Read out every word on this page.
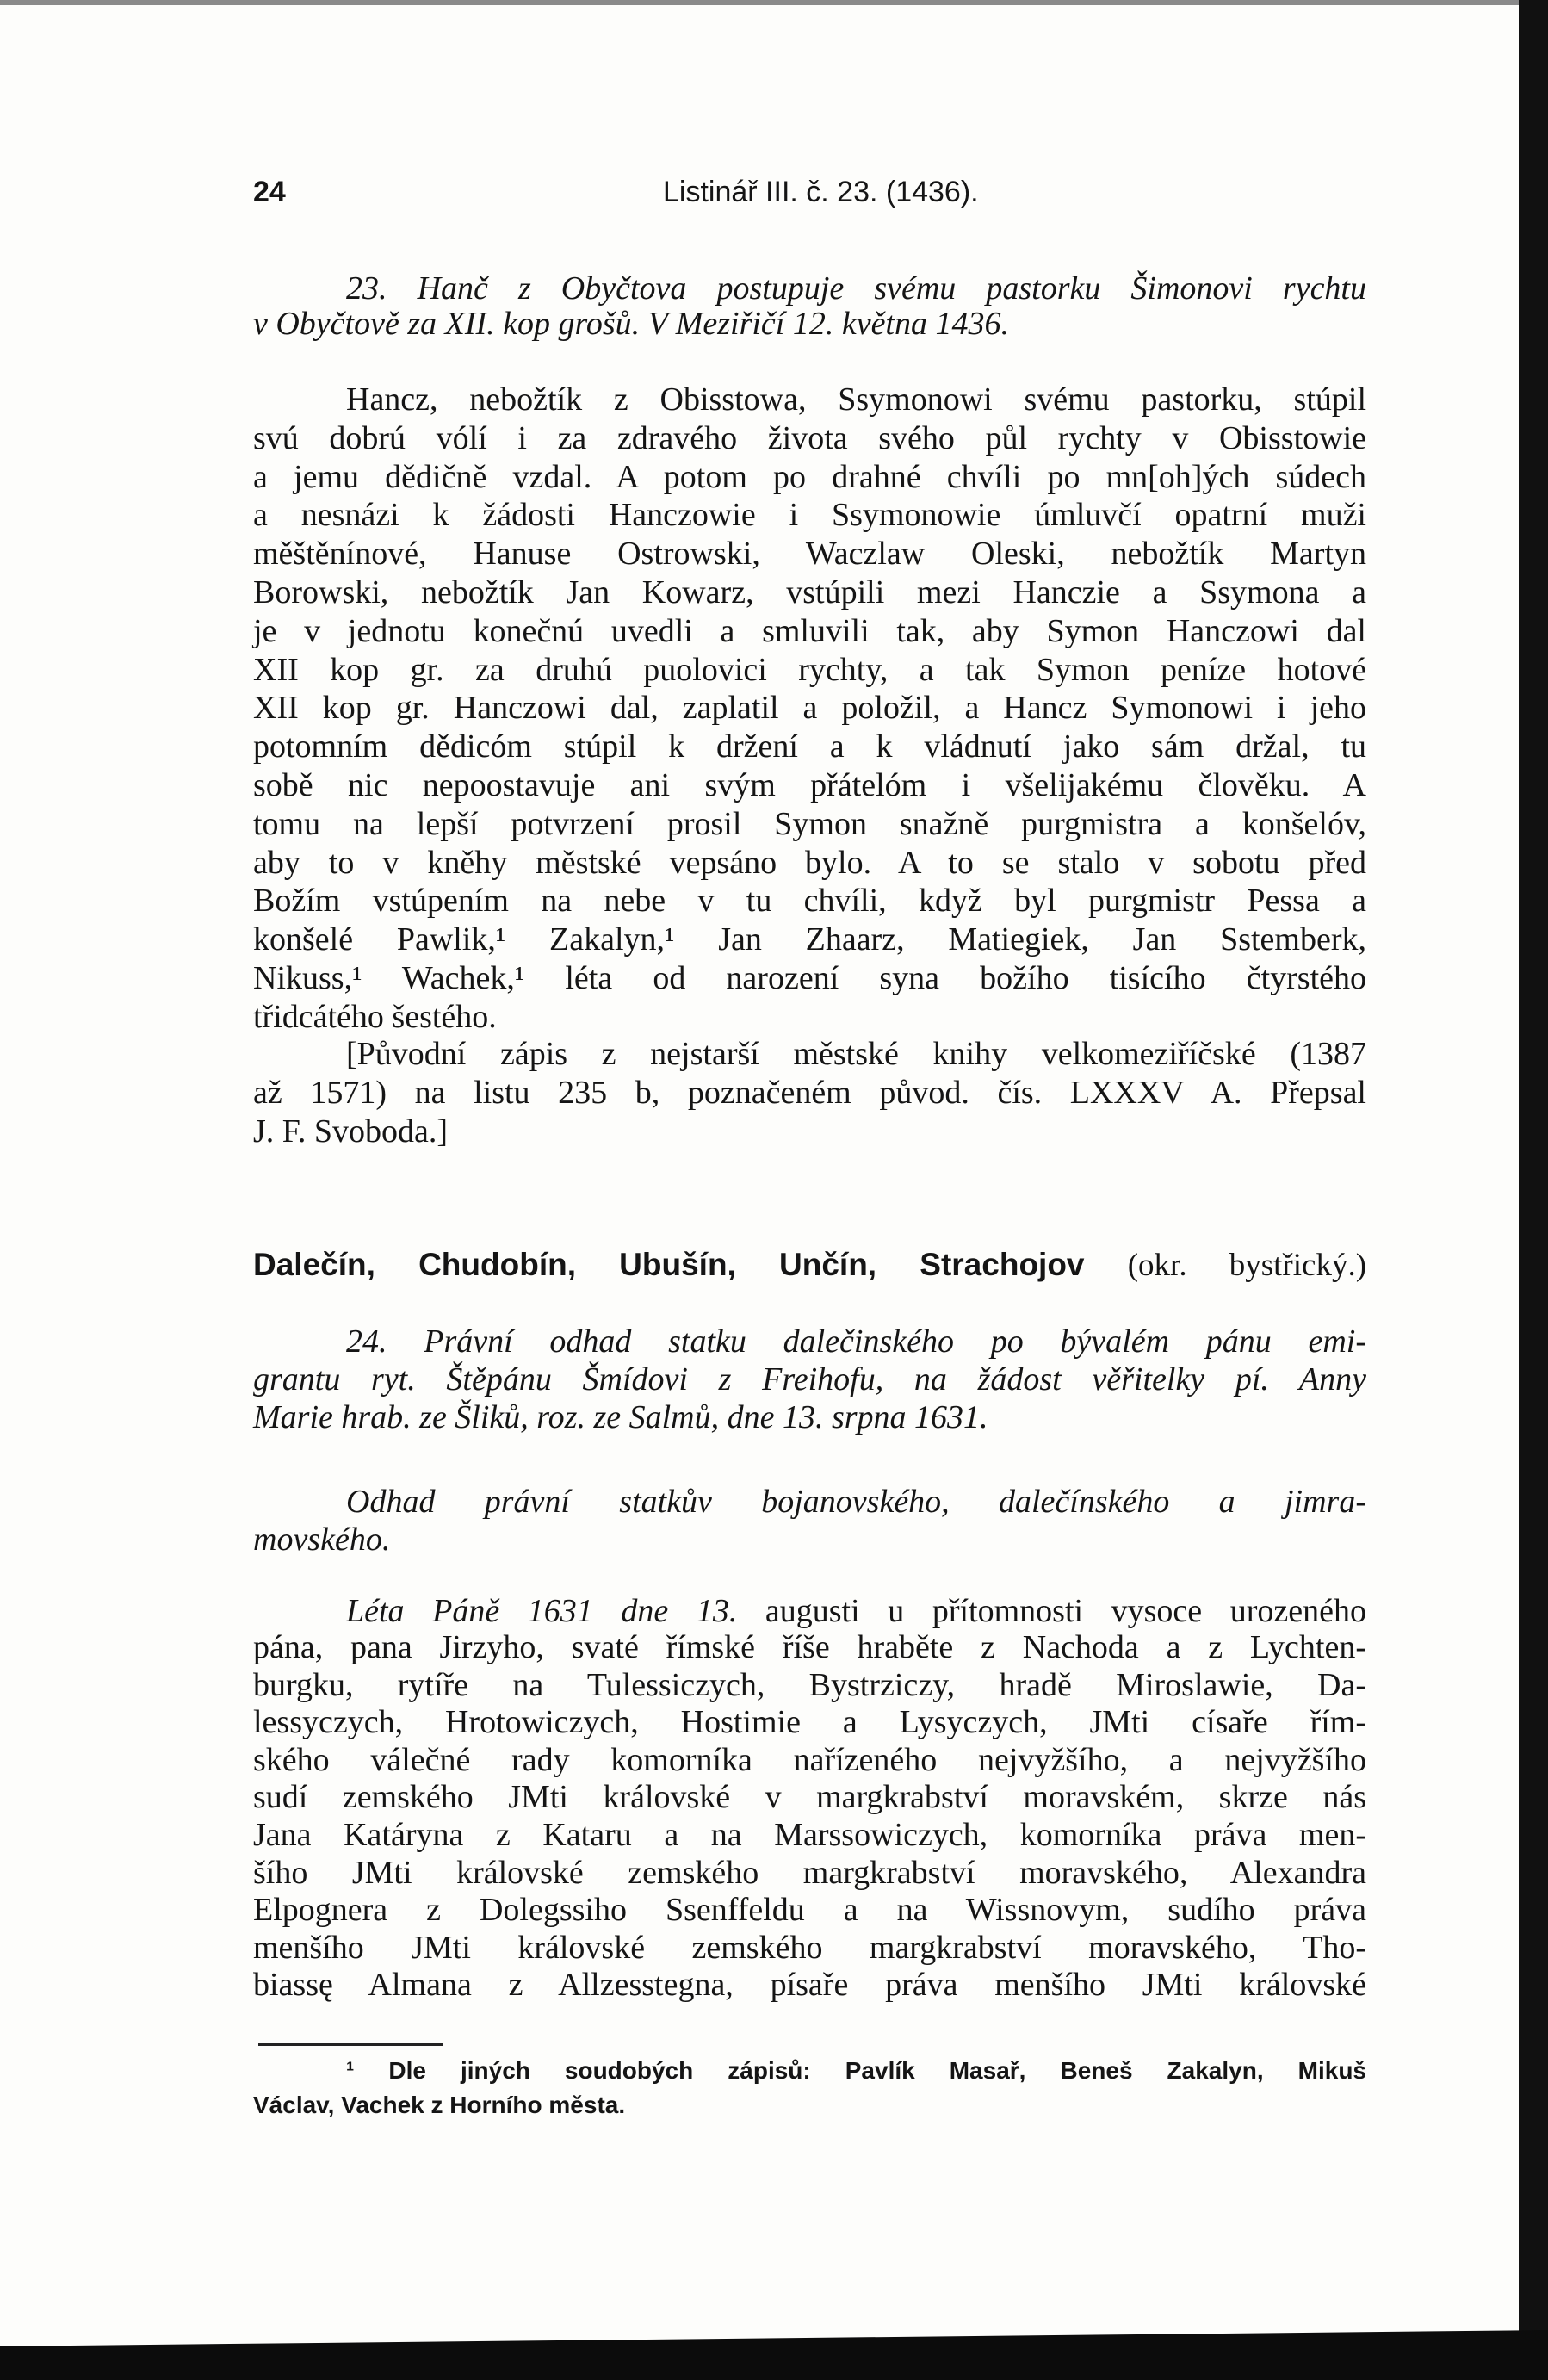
24	Listinář III. č. 23. (1436).
23. Hanč z Obyčtova postupuje svému pastorku Šimonovi rychtu
v Obyčtově za XII. kop grošů. V Meziřičí 12. května 1436.
Hancz, nebožtík z Obisstowa, Ssymonowi svému pastorku, stúpil
svú dobrú vólí i za zdravého života svého půl rychty v Obisstowie
a jemu dědičně vzdal. A potom po drahné chvíli po mn[oh]ých súdech
a nesnázi k žádosti Hanczowie i Ssymonowie úmluvčí opatrní muži
měštěnínové, Hanuse Ostrowski, Waczlaw Oleski, nebožtík Martyn
Borowski, nebožtík Jan Kowarz, vstúpili mezi Hanczie a Ssymona a
je v jednotu konečnú uvedli a smluvili tak, aby Symon Hanczowi dal
XII kop gr. za druhú puolovici rychty, a tak Symon peníze hotové
XII kop gr. Hanczowi dal, zaplatil a položil, a Hancz Symonowi i jeho
potomním dědicóm stúpil k držení a k vládnutí jako sám držal, tu
sobě nic nepoostavuje ani svým přátelóm i všelijakému člověku. A
tomu na lepší potvrzení prosil Symon snažně purgmistra a konšelóv,
aby to v kněhy městské vepsáno bylo. A to se stalo v sobotu před
Božím vstúpením na nebe v tu chvíli, když byl purgmistr Pessa a
konšelé Pawlik,¹ Zakalyn,¹ Jan Zhaarz, Matiegiek, Jan Sstemberk,
Nikuss,¹ Wachek,¹ léta od narození syna božího tisícího čtyrstého
třidcátého šestého.
[Původní zápis z nejstarší městské knihy velkomeziříčské (1387
až 1571) na listu 235 b, poznačeném původ. čís. LXXXV A. Přepsal
J. F. Svoboda.]
Dalečín, Chudobín, Ubušín, Unčín, Strachojov (okr. bystřický.)
24. Právní odhad statku dalečinského po bývalém pánu emi-
grantu ryt. Štěpánu Šmídovi z Freihofu, na žádost věřitelky pí. Anny
Marie hrab. ze Šliků, roz. ze Salmů, dne 13. srpna 1631.
Odhad právní statkův bojanovského, dalečínského a jimra-
movského.
Léta Páně 1631 dne 13. augusti u přítomnosti vysoce urozeného
pána, pana Jirzyho, svaté římské říše hraběte z Nachoda a z Lychten-
burgku, rytíře na Tulessiczych, Bystrziczy, hradě Miroslawie, Da-
lessyczych, Hrotowiczych, Hostimie a Lysyczych, JMti císaře řím-
ského válečné rady komorníka nařízeného nejvyžšího, a nejvyžšího
sudí zemského JMti královské v margkrabství moravském, skrze nás
Jana Katáryna z Kataru a na Marssowiczych, komorníka práva men-
šího JMti královské zemského margkrabství moravského, Alexandra
Elpognera z Dolegssiho Ssenffeldu a na Wissnovym, sudího práva
menšího JMti královské zemského margkrabství moravského, Tho-
biassę Almana z Allzesstegna, písaře práva menšího JMti královské
¹ Dle jiných soudobých zápisů: Pavlík Masař, Beneš Zakalyn, Mikuš
Václav, Vachek z Horního města.
